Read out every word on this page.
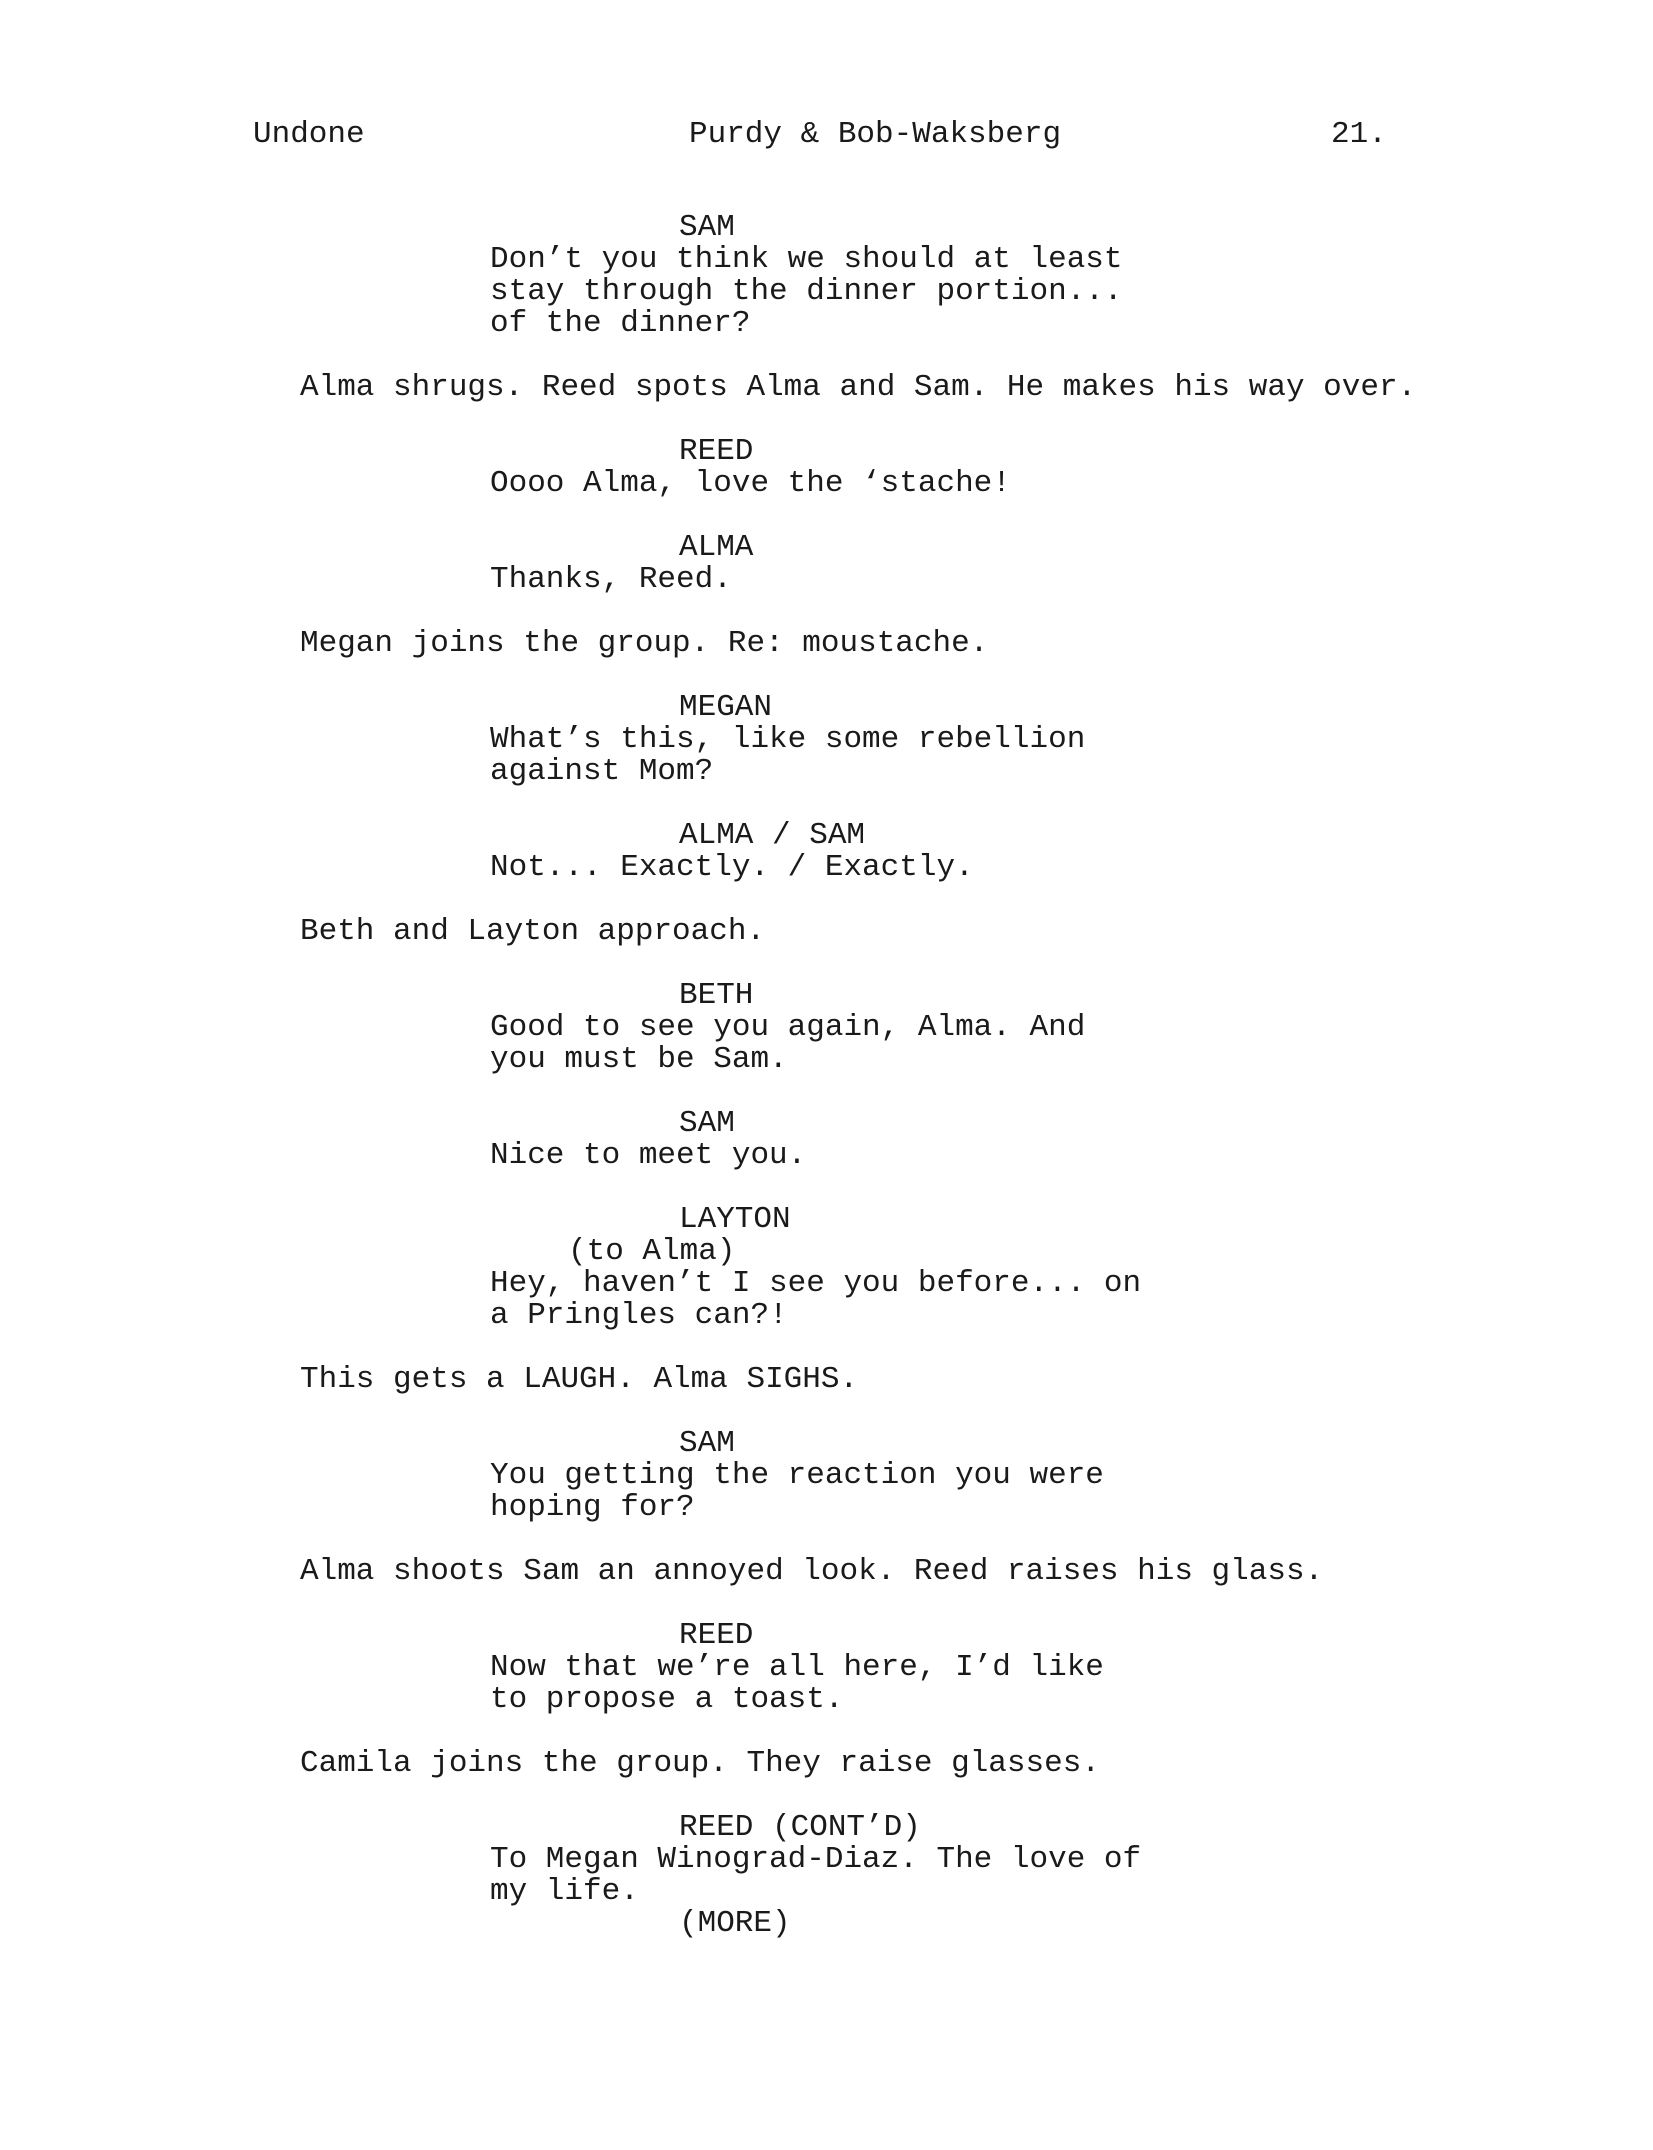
Undone	Purdy & Bob-Waksberg	21.
SAM
Don’t you think we should at least
stay through the dinner portion...
of the dinner?
Alma shrugs. Reed spots Alma and Sam. He makes his way over.
REED
Oooo Alma, love the ‘stache!
ALMA
Thanks, Reed.
Megan joins the group. Re: moustache.
MEGAN
What’s this, like some rebellion
against Mom?
ALMA / SAM
Not... Exactly. / Exactly.
Beth and Layton approach.
BETH
Good to see you again, Alma. And
you must be Sam.
SAM
Nice to meet you.
LAYTON
(to Alma)
Hey, haven’t I see you before... on
a Pringles can?!
This gets a LAUGH. Alma SIGHS.
SAM
You getting the reaction you were
hoping for?
Alma shoots Sam an annoyed look. Reed raises his glass.
REED
Now that we’re all here, I’d like
to propose a toast.
Camila joins the group. They raise glasses.
REED (CONT’D)
To Megan Winograd-Diaz. The love of
my life.
(MORE)
